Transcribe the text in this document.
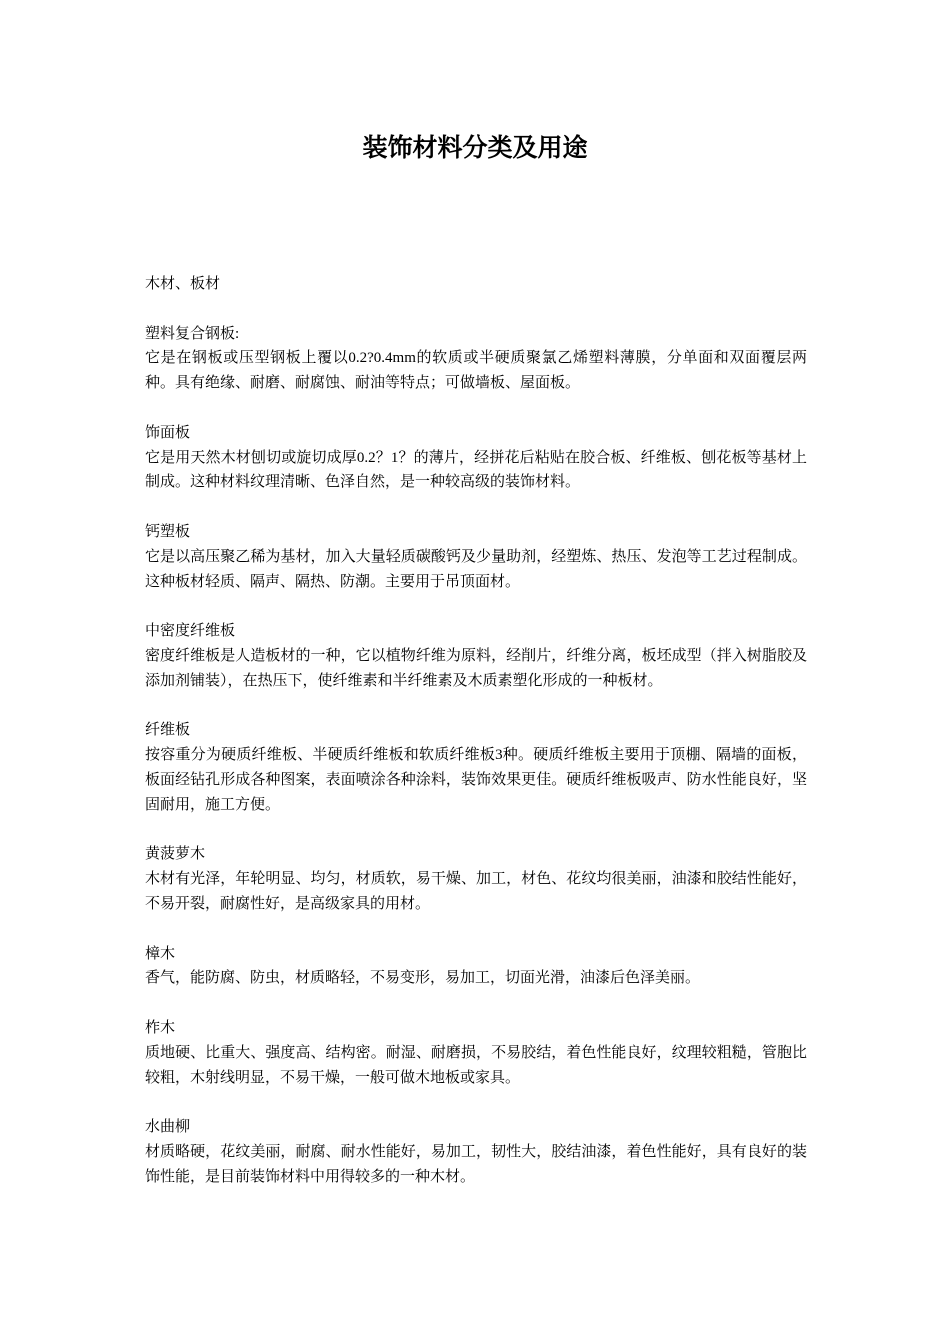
装饰材料分类及用途

木材、板材

塑料复合钢板:

它是在钢板或压型钢板上覆以0.2?0.4mm的软质或半硬质聚氯乙烯塑料薄膜，分单面和双面覆层两种。具有绝缘、耐磨、耐腐蚀、耐油等特点；可做墙板、屋面板。

饰面板

它是用天然木材刨切或旋切成厚0.2？1？的薄片，经拼花后粘贴在胶合板、纤维板、刨花板等基材上制成。这种材料纹理清晰、色泽自然，是一种较高级的装饰材料。

钙塑板

它是以高压聚乙稀为基材，加入大量轻质碳酸钙及少量助剂，经塑炼、热压、发泡等工艺过程制成。这种板材轻质、隔声、隔热、防潮。主要用于吊顶面材。

中密度纤维板

密度纤维板是人造板材的一种，它以植物纤维为原料，经削片，纤维分离，板坯成型（拌入树脂胶及添加剂铺装），在热压下，使纤维素和半纤维素及木质素塑化形成的一种板材。

纤维板

按容重分为硬质纤维板、半硬质纤维板和软质纤维板3种。硬质纤维板主要用于顶棚、隔墙的面板，板面经钻孔形成各种图案，表面喷涂各种涂料，装饰效果更佳。硬质纤维板吸声、防水性能良好，坚固耐用，施工方便。

黄菠萝木

木材有光泽，年轮明显、均匀，材质软，易干燥、加工，材色、花纹均很美丽，油漆和胶结性能好，不易开裂，耐腐性好，是高级家具的用材。

樟木

香气，能防腐、防虫，材质略轻，不易变形，易加工，切面光滑，油漆后色泽美丽。

柞木

质地硬、比重大、强度高、结构密。耐湿、耐磨损，不易胶结，着色性能良好，纹理较粗糙，管胞比较粗，木射线明显，不易干燥，一般可做木地板或家具。

水曲柳

材质略硬，花纹美丽，耐腐、耐水性能好，易加工，韧性大，胶结油漆，着色性能好，具有良好的装饰性能，是目前装饰材料中用得较多的一种木材。
